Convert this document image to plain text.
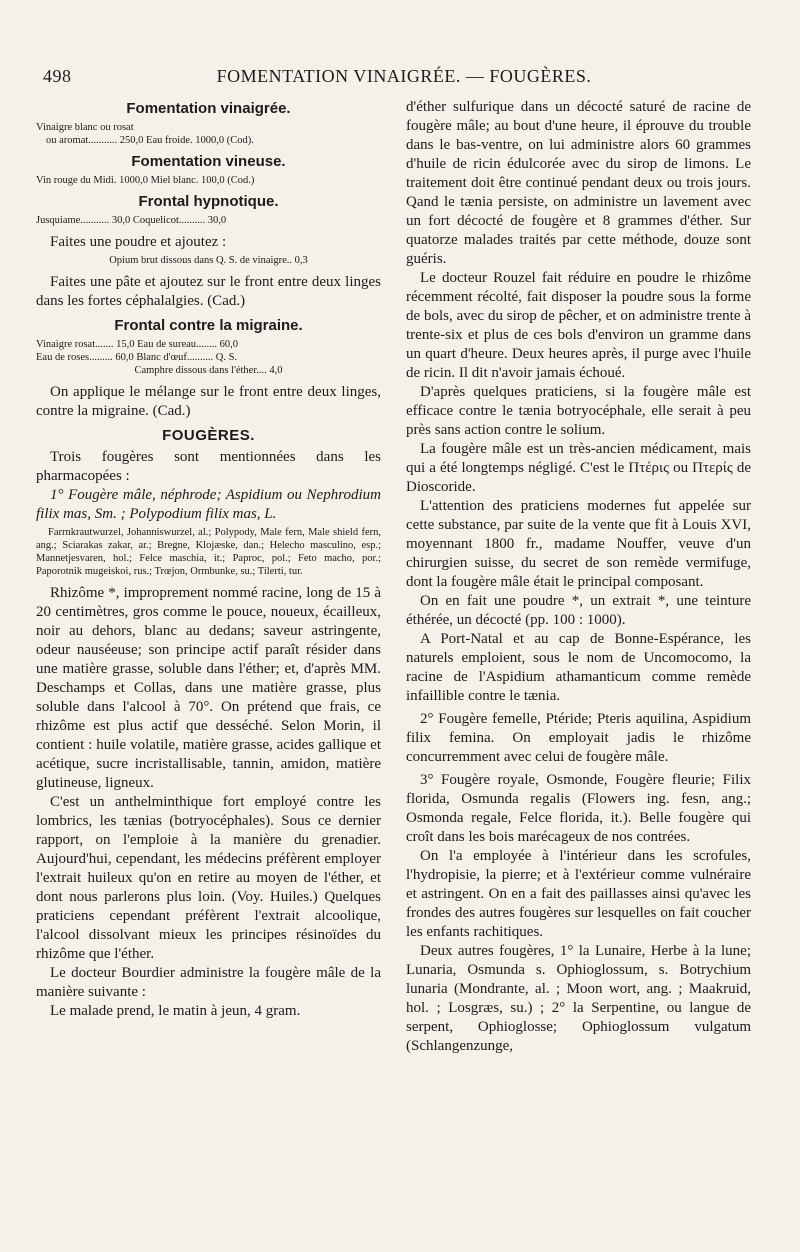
498	FOMENTATION VINAIGRÉE. — FOUGÈRES.
Fomentation vinaigrée.
Vinaigre blanc ou rosat
ou aromat........... 250,0 Eau froide. 1000,0 (Cod).
Fomentation vineuse.
Vin rouge du Midi. 1000,0 Miel blanc. 100,0 (Cod.)
Frontal hypnotique.
Jusquiame........... 30,0 Coquelicot.......... 30,0

Faites une poudre et ajoutez :

Opium brut dissous dans Q. S. de vinaigre.. 0,3

Faites une pâte et ajoutez sur le front entre deux linges dans les fortes céphalalgies. (Cad.)

Frontal contre la migraine.
Vinaigre rosat....... 15,0 Eau de sureau........ 60,0
Eau de roses......... 60,0 Blanc d'œuf.......... Q. S.
Camphre dissous dans l'éther.... 4,0

On applique le mélange sur le front entre deux linges, contre la migraine. (Cad.)

FOUGÈRES.

Trois fougères sont mentionnées dans les pharmacopées :

1° Fougère mâle, néphrode; Aspidium ou Nephrodium filix mas, Sm. ; Polypodium filix mas, L.

Farrnkrautwurzel, Johanniswurzel, al.; Polypody, Male fern, Male shield fern, ang.; Sciarakas zakar, ar.; Bregne, Klojæske, dan.; Helecho masculino, esp.; Mannetjesvaren, hol.; Felce maschia, it.; Paproc, pol.; Feto macho, por.; Paporotnik mugeiskoi, rus.; Trœjon, Ormbunke, su.; Tilerti, tur.

Rhizôme *, improprement nommé racine, long de 15 à 20 centimètres, gros comme le pouce, noueux, écailleux, noir au dehors, blanc au dedans; saveur astringente, odeur nauséeuse; son principe actif paraît résider dans une matière grasse, soluble dans l'éther; et, d'après MM. Deschamps et Collas, dans une matière grasse, plus soluble dans l'alcool à 70°. On prétend que frais, ce rhizôme est plus actif que desséché. Selon Morin, il contient : huile volatile, matière grasse, acides gallique et acétique, sucre incristallisable, tannin, amidon, matière glutineuse, ligneux.

C'est un anthelminthique fort employé contre les lombrics, les tænias (botryocéphales). Sous ce dernier rapport, on l'emploie à la manière du grenadier. Aujourd'hui, cependant, les médecins préfèrent employer l'extrait huileux qu'on en retire au moyen de l'éther, et dont nous parlerons plus loin. (Voy. Huiles.) Quelques praticiens cependant préfèrent l'extrait alcoolique, l'alcool dissolvant mieux les principes résinoïdes du rhizôme que l'éther.

Le docteur Bourdier administre la fougère mâle de la manière suivante :

Le malade prend, le matin à jeun, 4 gram.

d'éther sulfurique dans un décocté saturé de racine de fougère mâle; au bout d'une heure, il éprouve du trouble dans le bas-ventre, on lui administre alors 60 grammes d'huile de ricin édulcorée avec du sirop de limons. Le traitement doit être continué pendant deux ou trois jours. Qand le tænia persiste, on administre un lavement avec un fort décocté de fougère et 8 grammes d'éther. Sur quatorze malades traités par cette méthode, douze sont guéris.

Le docteur Rouzel fait réduire en poudre le rhizôme récemment récolté, fait disposer la poudre sous la forme de bols, avec du sirop de pêcher, et on administre trente à trente-six et plus de ces bols d'environ un gramme dans un quart d'heure. Deux heures après, il purge avec l'huile de ricin. Il dit n'avoir jamais échoué.

D'après quelques praticiens, si la fougère mâle est efficace contre le tænia botryocéphale, elle serait à peu près sans action contre le solium.

La fougère mâle est un très-ancien médicament, mais qui a été longtemps négligé. C'est le Πτέρις ou Πτερίς de Dioscoride.

L'attention des praticiens modernes fut appelée sur cette substance, par suite de la vente que fit à Louis XVI, moyennant 1800 fr., madame Nouffer, veuve d'un chirurgien suisse, du secret de son remède vermifuge, dont la fougère mâle était le principal composant.

On en fait une poudre *, un extrait *, une teinture éthérée, un décocté (pp. 100 : 1000).

A Port-Natal et au cap de Bonne-Espérance, les naturels emploient, sous le nom de Uncomocomo, la racine de l'Aspidium athamanticum comme remède infaillible contre le tænia.

2° Fougère femelle, Ptéride; Pteris aquilina, Aspidium filix femina. On employait jadis le rhizôme concurremment avec celui de fougère mâle.

3° Fougère royale, Osmonde, Fougère fleurie; Filix florida, Osmunda regalis (Flowers ing. fesn, ang.; Osmonda regale, Felce florida, it.). Belle fougère qui croît dans les bois marécageux de nos contrées.

On l'a employée à l'intérieur dans les scrofules, l'hydropisie, la pierre; et à l'extérieur comme vulnéraire et astringent. On en a fait des paillasses ainsi qu'avec les frondes des autres fougères sur lesquelles on fait coucher les enfants rachitiques.

Deux autres fougères, 1° la Lunaire, Herbe à la lune; Lunaria, Osmunda s. Ophioglossum, s. Botrychium lunaria (Mondrante, al. ; Moon wort, ang. ; Maakruid, hol. ; Losgræs, su.) ; 2° la Serpentine, ou langue de serpent, Ophioglosse; Ophioglossum vulgatum (Schlangenzunge,
